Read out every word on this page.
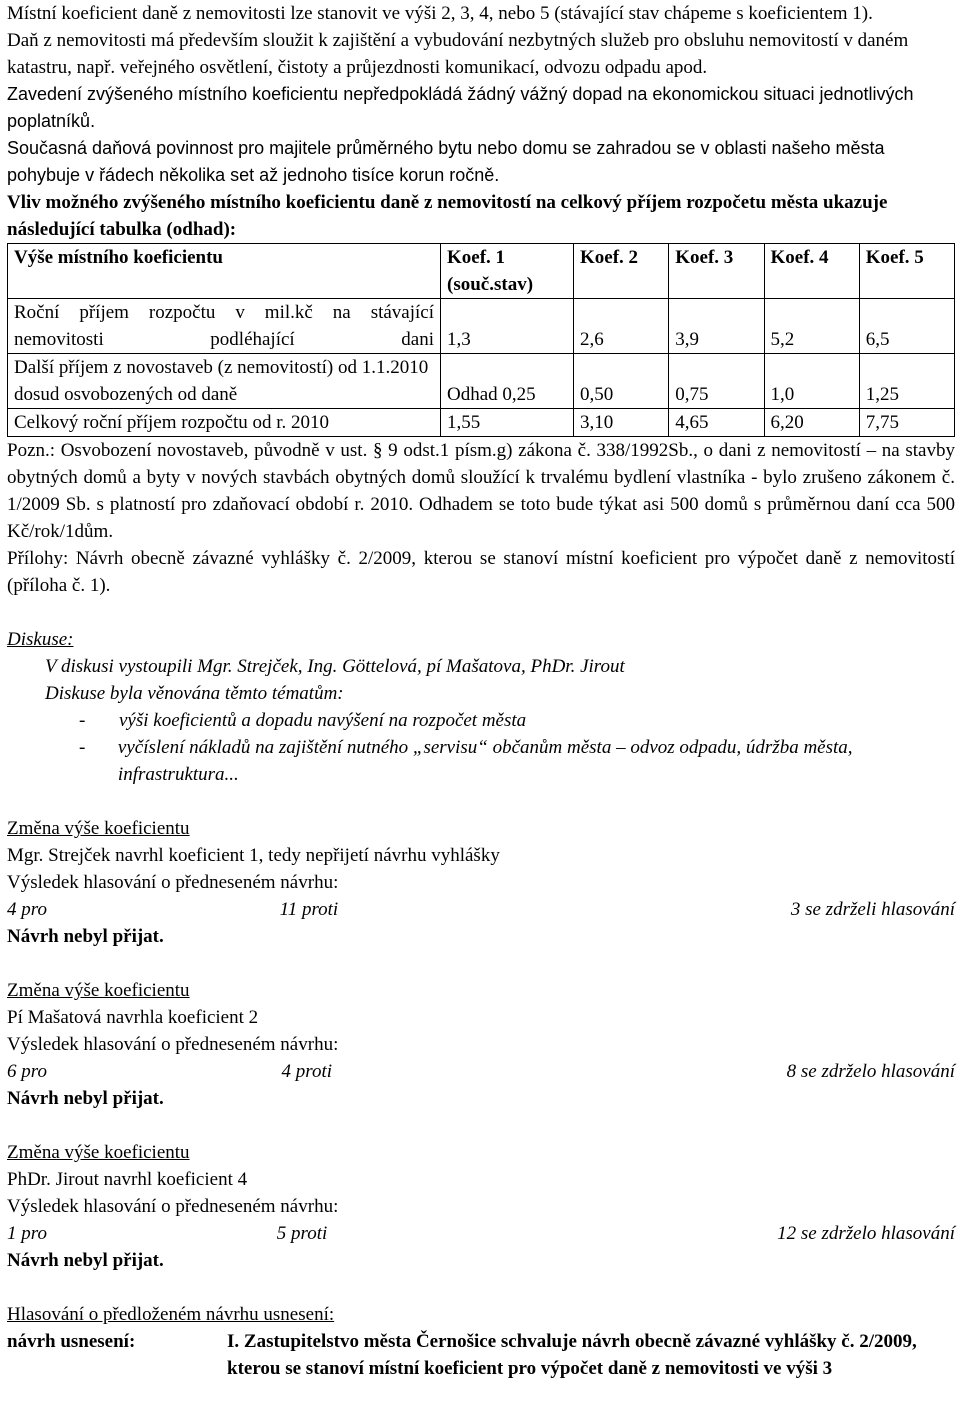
Místní koeficient daně z nemovitosti lze stanovit ve výši 2, 3, 4, nebo 5 (stávající stav chápeme s koeficientem 1).

Daň z nemovitosti má především sloužit k zajištění a vybudování nezbytných služeb pro obsluhu nemovitostí v daném katastru, např. veřejného osvětlení, čistoty a průjezdnosti komunikací, odvozu odpadu apod.

Zavedení zvýšeného místního koeficientu nepředpokládá žádný vážný dopad na ekonomickou situaci jednotlivých poplatníků.

Současná daňová povinnost pro majitele průměrného bytu nebo domu se zahradou se v oblasti našeho města pohybuje v řádech několika set až jednoho tisíce korun ročně.

Vliv možného zvýšeného místního koeficientu daně z nemovitostí na celkový příjem rozpočetu města ukazuje následující tabulka (odhad):

Výše místního koeficientu	Koef. 1 (souč.stav)	Koef. 2	Koef. 3	Koef. 4	Koef. 5
Roční příjem rozpočtu v mil.kč na stávající nemovitosti podléhající dani	1,3	2,6	3,9	5,2	6,5
Další příjem z novostaveb (z nemovitostí) od 1.1.2010 dosud osvobozených od daně	Odhad 0,25	0,50	0,75	1,0	1,25
Celkový roční příjem rozpočtu od r. 2010	1,55	3,10	4,65	6,20	7,75

Pozn.: Osvobození novostaveb, původně v ust. § 9 odst.1 písm.g) zákona č. 338/1992Sb., o dani z nemovitostí – na stavby obytných domů a byty v nových stavbách obytných domů sloužící k trvalému bydlení vlastníka - bylo zrušeno zákonem č. 1/2009 Sb. s platností pro zdaňovací období r. 2010. Odhadem se toto bude týkat asi 500 domů s průměrnou daní cca 500 Kč/rok/1dům.

Přílohy: Návrh obecně závazné vyhlášky č. 2/2009, kterou se stanoví místní koeficient pro výpočet daně z nemovitostí (příloha č. 1).

Diskuse:

V diskusi vystoupili Mgr. Strejček, Ing. Göttelová, pí Mašatova, PhDr. Jirout

Diskuse byla věnována těmto tématům:

-	výši koeficientů a dopadu navýšení na rozpočet města
-	vyčíslení nákladů na zajištění nutného „servisu“ občanům města – odvoz odpadu, údržba města, infrastruktura...

Změna výše koeficientu

Mgr. Strejček navrhl koeficient 1, tedy nepřijetí návrhu vyhlášky

Výsledek hlasování o předneseném návrhu:

4 pro	11 proti	3 se zdrželi hlasování

Návrh nebyl přijat.

Změna výše koeficientu

Pí Mašatová navrhla koeficient 2

Výsledek hlasování o předneseném návrhu:

6 pro	4 proti	8 se zdrželo hlasování

Návrh nebyl přijat.

Změna výše koeficientu

PhDr. Jirout navrhl koeficient 4

Výsledek hlasování o předneseném návrhu:

1 pro	5 proti	12 se zdrželo hlasování

Návrh nebyl přijat.

Hlasování o předloženém návrhu usnesení:

návrh usnesení:	I. Zastupitelstvo města Černošice schvaluje návrh obecně závazné vyhlášky č. 2/2009, kterou se stanoví místní koeficient pro výpočet daně z nemovitosti ve výši 3
